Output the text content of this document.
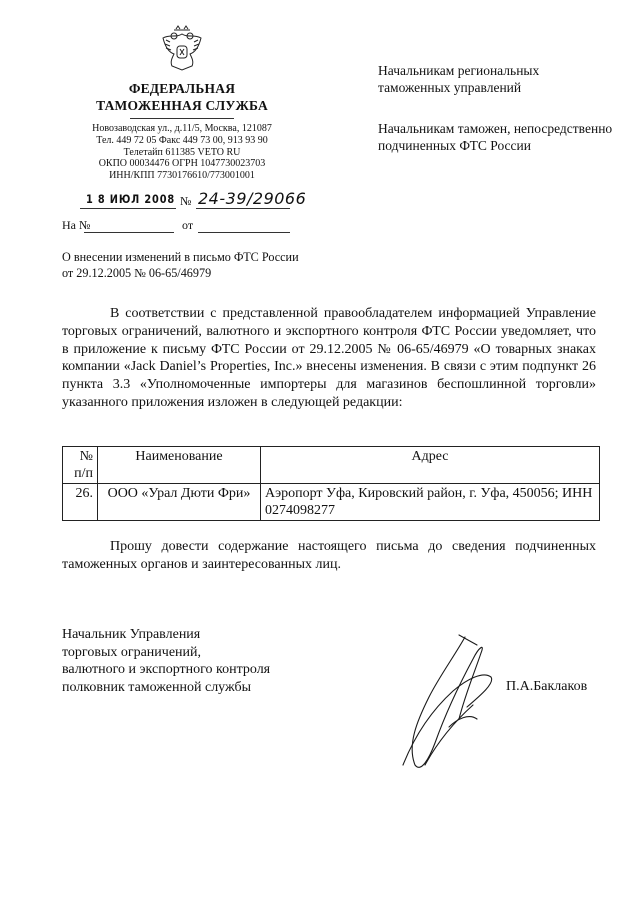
ФЕДЕРАЛЬНАЯ
ТАМОЖЕННАЯ СЛУЖБА
Новозаводская ул., д.11/5, Москва, 121087
Тел. 449 72 05 Факс 449 73 00, 913 93 90
Телетайп 611385 VETO RU
ОКПО 00034476 ОГРН 1047730023703
ИНН/КПП 7730176610/773001001
1 8 ИЮЛ 2008 № 24-39/29066
На №	от
О внесении изменений в письмо ФТС России от 29.12.2005 № 06-65/46979
Начальникам региональных таможенных управлений
Начальникам таможен, непосредственно подчиненных ФТС России
В соответствии с представленной правообладателем информацией Управление торговых ограничений, валютного и экспортного контроля ФТС России уведомляет, что в приложение к письму ФТС России от 29.12.2005 № 06-65/46979 «О товарных знаках компании «Jack Daniel’s Properties, Inc.» внесены изменения. В связи с этим подпункт 26 пункта 3.3 «Уполномоченные импортеры для магазинов беспошлинной торговли» указанного приложения изложен в следующей редакции:
№
п/п	Наименование	Адрес
26.	ООО «Урал Дюти Фри»	Аэропорт Уфа, Кировский район, г. Уфа, 450056; ИНН 0274098277
Прошу довести содержание настоящего письма до сведения подчиненных таможенных органов и заинтересованных лиц.
Начальник Управления
торговых ограничений,
валютного и экспортного контроля
полковник таможенной службы	П.А.Баклаков
